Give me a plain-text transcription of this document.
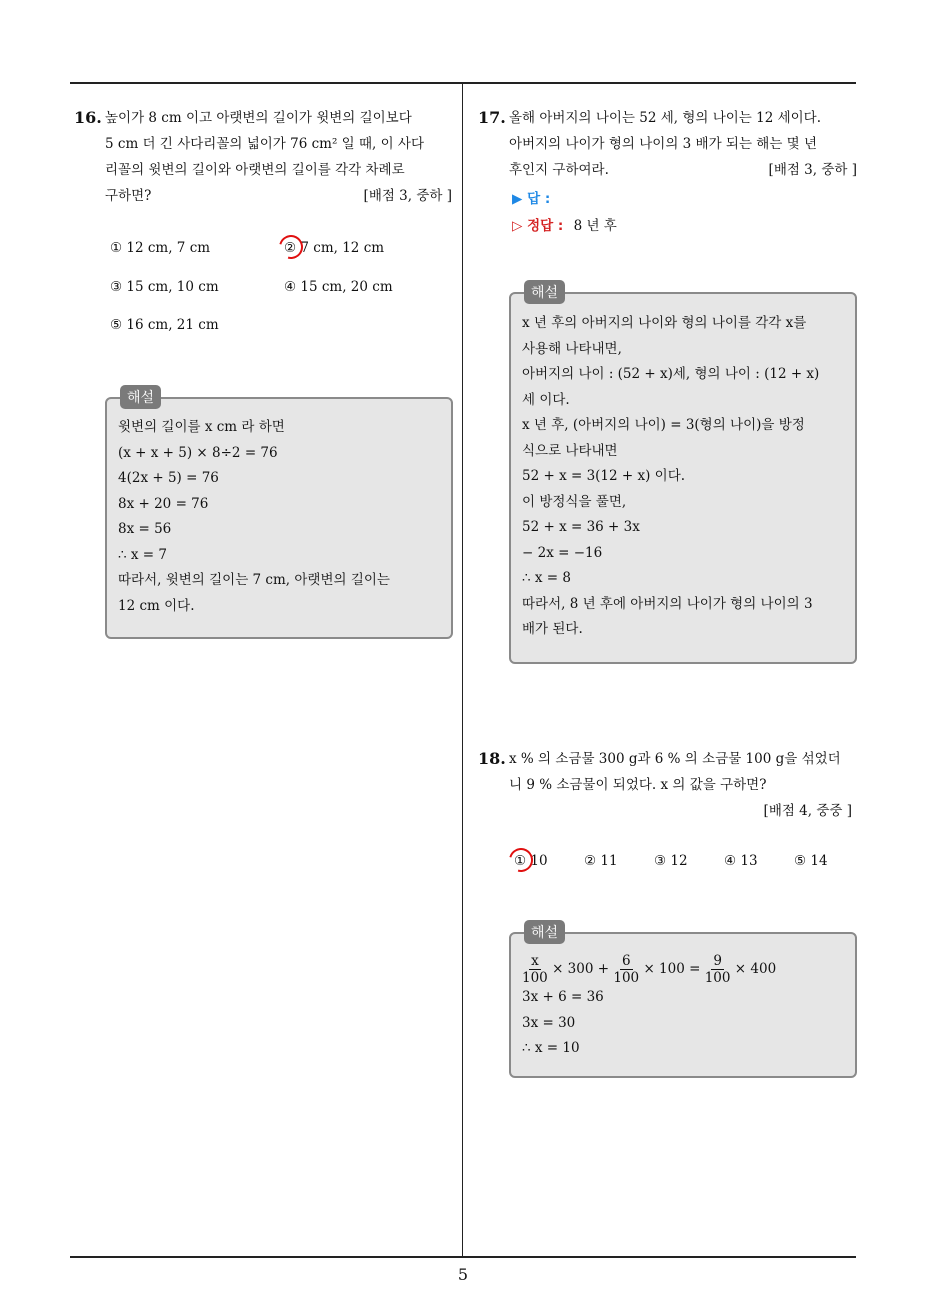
16. 높이가 8 cm 이고 아랫변의 길이가 윗변의 길이보다
5 cm 더 긴 사다리꼴의 넓이가 76 cm² 일 때, 이 사다
리꼴의 윗변의 길이와 아랫변의 길이를 각각 차례로
구하면?	[배점 3, 중하 ]
① 12 cm, 7 cm	② 7 cm, 12 cm
③ 15 cm, 10 cm	④ 15 cm, 20 cm
⑤ 16 cm, 21 cm
해설
윗변의 길이를 x cm 라 하면
(x + x + 5) × 8÷2 = 76
4(2x + 5) = 76
8x + 20 = 76
8x = 56
∴ x = 7
따라서, 윗변의 길이는 7 cm, 아랫변의 길이는
12 cm 이다.
17. 올해 아버지의 나이는 52 세, 형의 나이는 12 세이다.
아버지의 나이가 형의 나이의 3 배가 되는 해는 몇 년
후인지 구하여라.	[배점 3, 중하 ]
▶ 답 :
▷ 정답 : 8 년 후
해설
x 년 후의 아버지의 나이와 형의 나이를 각각 x를
사용해 나타내면,
아버지의 나이 : (52 + x)세, 형의 나이 : (12 + x)
세 이다.
x 년 후, (아버지의 나이) = 3(형의 나이)을 방정
식으로 나타내면
52 + x = 3(12 + x) 이다.
이 방정식을 풀면,
52 + x = 36 + 3x
− 2x = −16
∴ x = 8
따라서, 8 년 후에 아버지의 나이가 형의 나이의 3
배가 된다.
18. x % 의 소금물 300 g과 6 % 의 소금물 100 g을 섞었더
니 9 % 소금물이 되었다. x 의 값을 구하면?
[배점 4, 중중 ]
① 10	② 11	③ 12	④ 13	⑤ 14
해설
$\frac{x}{100} \times 300 + \frac{6}{100} \times 100 = \frac{9}{100} \times 400$
3x + 6 = 36
3x = 30
∴ x = 10
5
